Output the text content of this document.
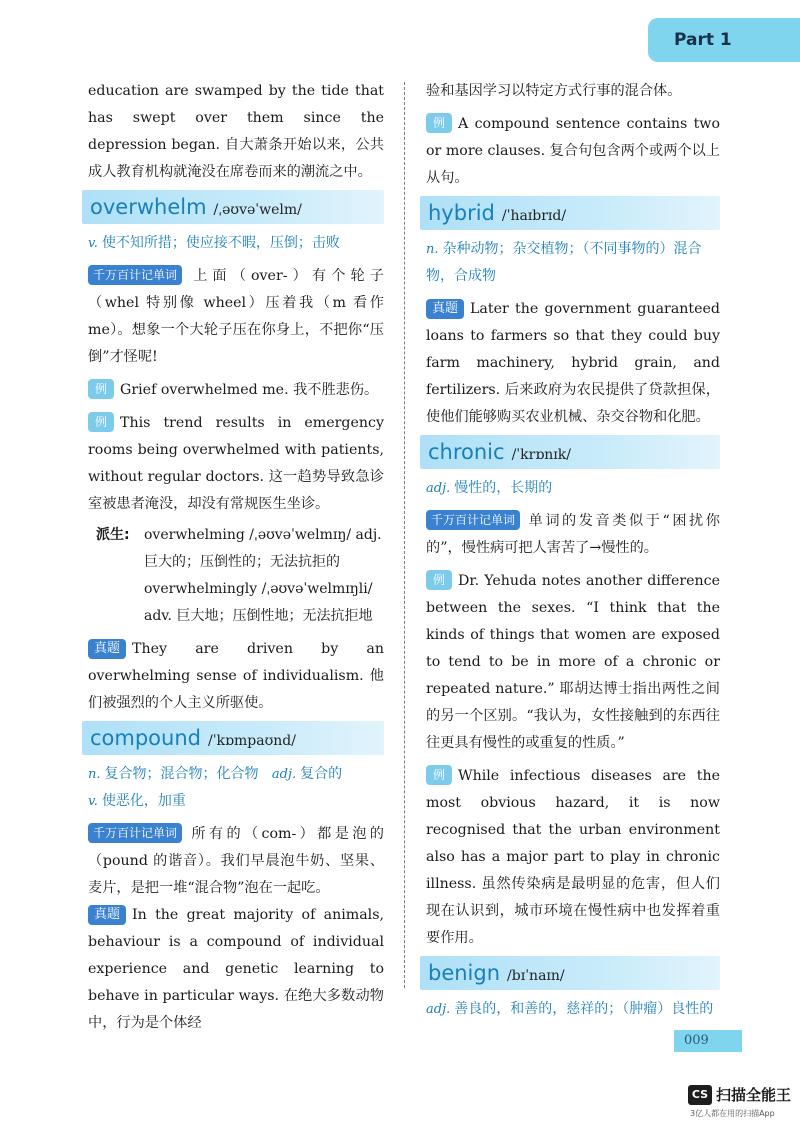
Part 1

education are swamped by the tide that has swept over them since the depression began. 自大萧条开始以来，公共成人教育机构就淹没在席卷而来的潮流之中。

overwhelm /ˌəʊvəˈwelm/

v. 使不知所措；使应接不暇，压倒；击败

千万百计记单词 上面（over-）有个轮子（whel 特别像 wheel）压着我（m 看作 me）。想象一个大轮子压在你身上，不把你“压倒”才怪呢!

例 Grief overwhelmed me. 我不胜悲伤。

例 This trend results in emergency rooms being overwhelmed with patients, without regular doctors. 这一趋势导致急诊室被患者淹没，却没有常规医生坐诊。

派生:	overwhelming /ˌəʊvəˈwelmɪŋ/ adj. 巨大的；压倒性的；无法抗拒的 overwhelmingly /ˌəʊvəˈwelmɪŋli/ adv. 巨大地；压倒性地；无法抗拒地

真题 They are driven by an overwhelming sense of individualism. 他们被强烈的个人主义所驱使。

compound /ˈkɒmpaʊnd/

n. 复合物；混合物；化合物 adj. 复合的
v. 使恶化，加重

千万百计记单词 所有的（com-）都是泡的（pound 的谐音）。我们早晨泡牛奶、坚果、麦片，是把一堆“混合物”泡在一起吃。

真题 In the great majority of animals, behaviour is a compound of individual experience and genetic learning to behave in particular ways. 在绝大多数动物中，行为是个体经

验和基因学习以特定方式行事的混合体。

例 A compound sentence contains two or more clauses. 复合句包含两个或两个以上从句。

hybrid /ˈhaɪbrɪd/

n. 杂种动物；杂交植物；（不同事物的）混合物，合成物

真题 Later the government guaranteed loans to farmers so that they could buy farm machinery, hybrid grain, and fertilizers. 后来政府为农民提供了贷款担保，使他们能够购买农业机械、杂交谷物和化肥。

chronic /ˈkrɒnɪk/

adj. 慢性的，长期的

千万百计记单词 单词的发音类似于“困扰你的”，慢性病可把人害苦了→慢性的。

例 Dr. Yehuda notes another difference between the sexes. “I think that the kinds of things that women are exposed to tend to be in more of a chronic or repeated nature.” 耶胡达博士指出两性之间的另一个区别。“我认为，女性接触到的东西往往更具有慢性的或重复的性质。”

例 While infectious diseases are the most obvious hazard, it is now recognised that the urban environment also has a major part to play in chronic illness. 虽然传染病是最明显的危害，但人们现在认识到，城市环境在慢性病中也发挥着重要作用。

benign /bɪˈnaɪn/

adj. 善良的，和善的，慈祥的；（肿瘤）良性的

009
CS 扫描全能王
3亿人都在用的扫描App
